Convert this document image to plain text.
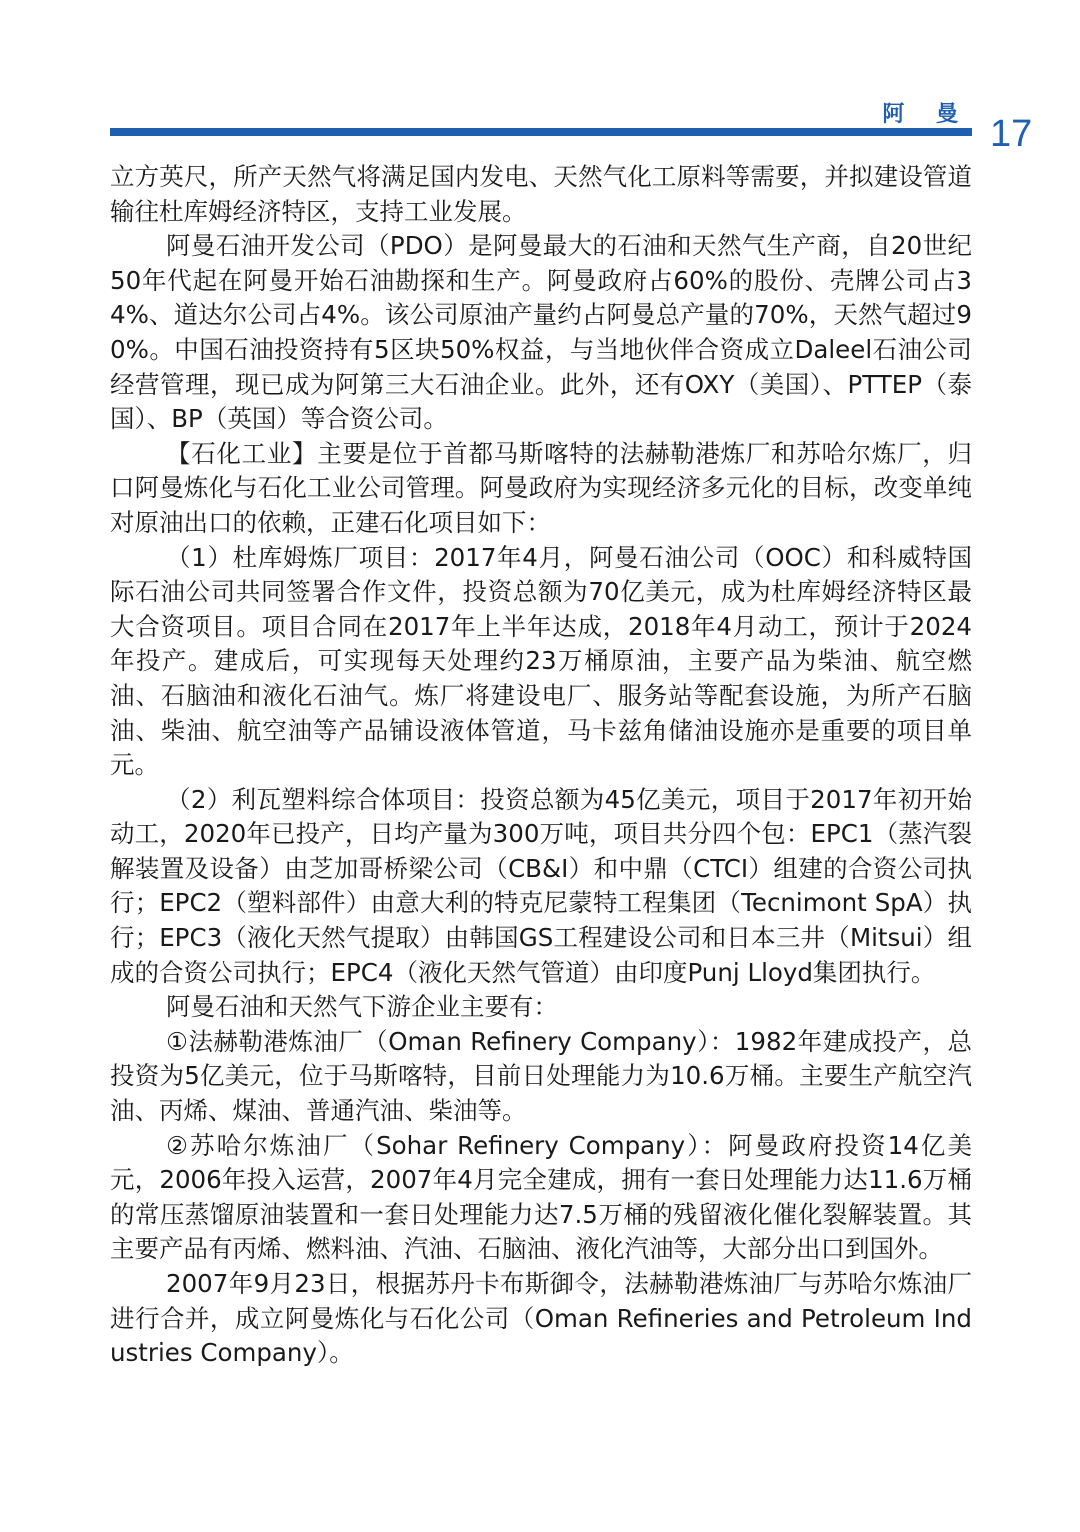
阿 曼 17

立方英尺，所产天然气将满足国内发电、天然气化工原料等需要，并拟建设管道输往杜库姆经济特区，支持工业发展。

阿曼石油开发公司（PDO）是阿曼最大的石油和天然气生产商，自20世纪50年代起在阿曼开始石油勘探和生产。阿曼政府占60%的股份、壳牌公司占34%、道达尔公司占4%。该公司原油产量约占阿曼总产量的70%，天然气超过90%。中国石油投资持有5区块50%权益，与当地伙伴合资成立Daleel石油公司经营管理，现已成为阿第三大石油企业。此外，还有OXY（美国）、PTTEP（泰国）、BP（英国）等合资公司。

【石化工业】主要是位于首都马斯喀特的法赫勒港炼厂和苏哈尔炼厂，归口阿曼炼化与石化工业公司管理。阿曼政府为实现经济多元化的目标，改变单纯对原油出口的依赖，正建石化项目如下：

（1）杜库姆炼厂项目：2017年4月，阿曼石油公司（OOC）和科威特国际石油公司共同签署合作文件，投资总额为70亿美元，成为杜库姆经济特区最大合资项目。项目合同在2017年上半年达成，2018年4月动工，预计于2024年投产。建成后，可实现每天处理约23万桶原油，主要产品为柴油、航空燃油、石脑油和液化石油气。炼厂将建设电厂、服务站等配套设施，为所产石脑油、柴油、航空油等产品铺设液体管道，马卡兹角储油设施亦是重要的项目单元。

（2）利瓦塑料综合体项目：投资总额为45亿美元，项目于2017年初开始动工，2020年已投产，日均产量为300万吨，项目共分四个包：EPC1（蒸汽裂解装置及设备）由芝加哥桥梁公司（CB&I）和中鼎（CTCI）组建的合资公司执行；EPC2（塑料部件）由意大利的特克尼蒙特工程集团（Tecnimont SpA）执行；EPC3（液化天然气提取）由韩国GS工程建设公司和日本三井（Mitsui）组成的合资公司执行；EPC4（液化天然气管道）由印度Punj Lloyd集团执行。

阿曼石油和天然气下游企业主要有：

①法赫勒港炼油厂（Oman Refinery Company）：1982年建成投产，总投资为5亿美元，位于马斯喀特，目前日处理能力为10.6万桶。主要生产航空汽油、丙烯、煤油、普通汽油、柴油等。

②苏哈尔炼油厂（Sohar Refinery Company）：阿曼政府投资14亿美元，2006年投入运营，2007年4月完全建成，拥有一套日处理能力达11.6万桶的常压蒸馏原油装置和一套日处理能力达7.5万桶的残留液化催化裂解装置。其主要产品有丙烯、燃料油、汽油、石脑油、液化汽油等，大部分出口到国外。

2007年9月23日，根据苏丹卡布斯御令，法赫勒港炼油厂与苏哈尔炼油厂进行合并，成立阿曼炼化与石化公司（Oman Refineries and Petroleum Industries Company）。
